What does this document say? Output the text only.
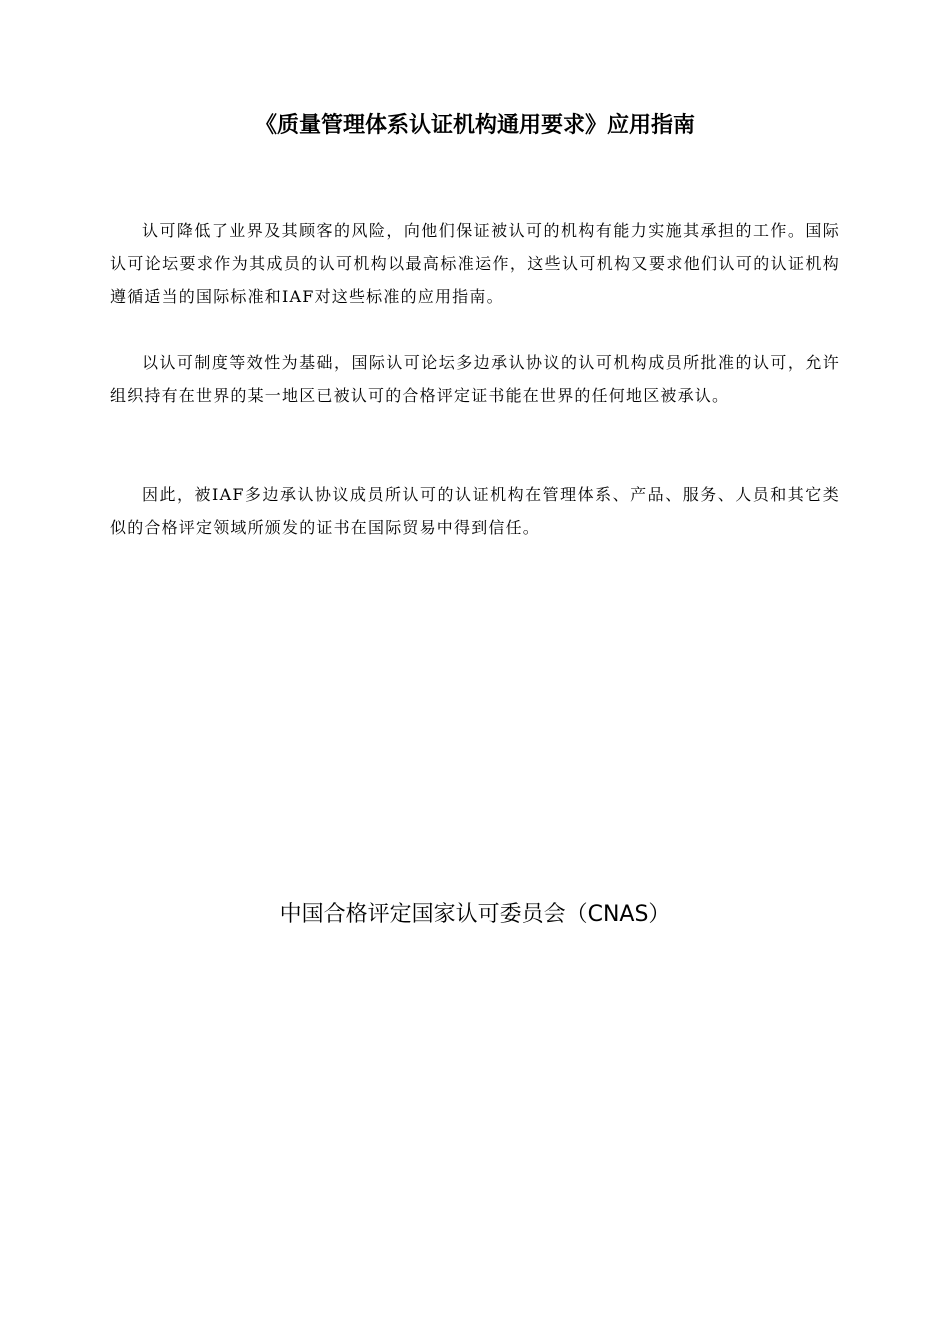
《质量管理体系认证机构通用要求》应用指南

认可降低了业界及其顾客的风险，向他们保证被认可的机构有能力实施其承担的工作。国际认可论坛要求作为其成员的认可机构以最高标准运作，这些认可机构又要求他们认可的认证机构遵循适当的国际标准和IAF对这些标准的应用指南。

以认可制度等效性为基础，国际认可论坛多边承认协议的认可机构成员所批准的认可，允许组织持有在世界的某一地区已被认可的合格评定证书能在世界的任何地区被承认。

因此，被IAF多边承认协议成员所认可的认证机构在管理体系、产品、服务、人员和其它类似的合格评定领域所颁发的证书在国际贸易中得到信任。

中国合格评定国家认可委员会（CNAS）
